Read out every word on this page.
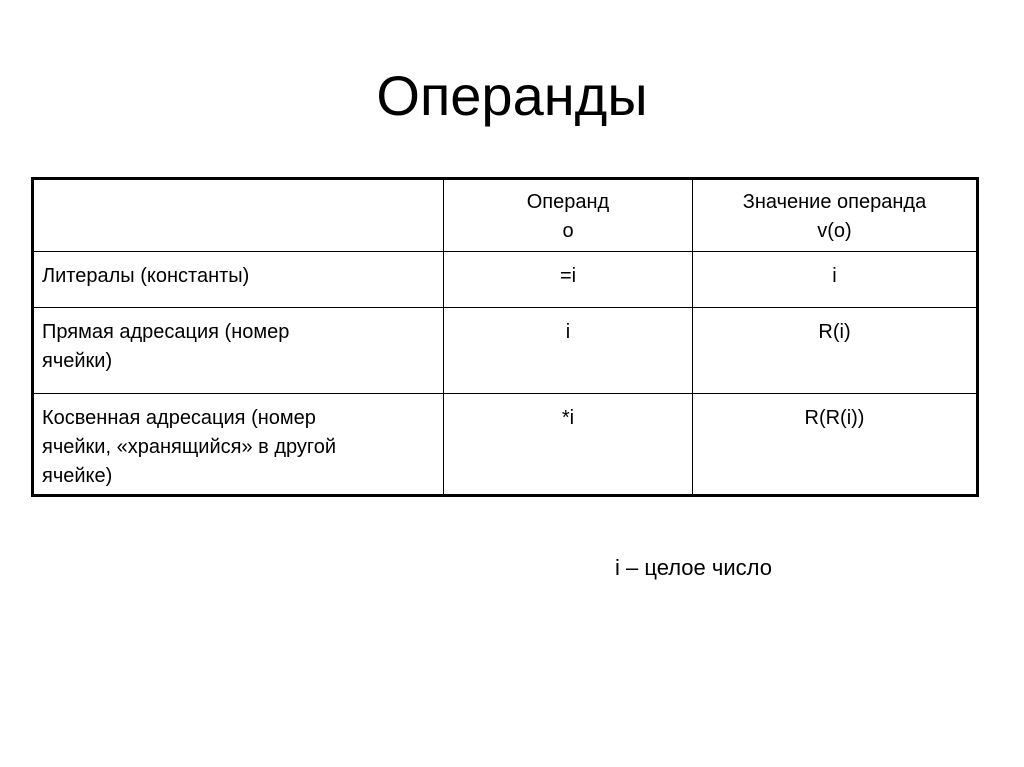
Операнды

	Операнд
o	Значение операнда
v(o)

Литералы (константы)	=i	i

Прямая адресация (номер
ячейки)	i	R(i)

Косвенная адресация (номер
ячейки, «хранящийся» в другой
ячейке)	*i	R(R(i))
i – целое число
